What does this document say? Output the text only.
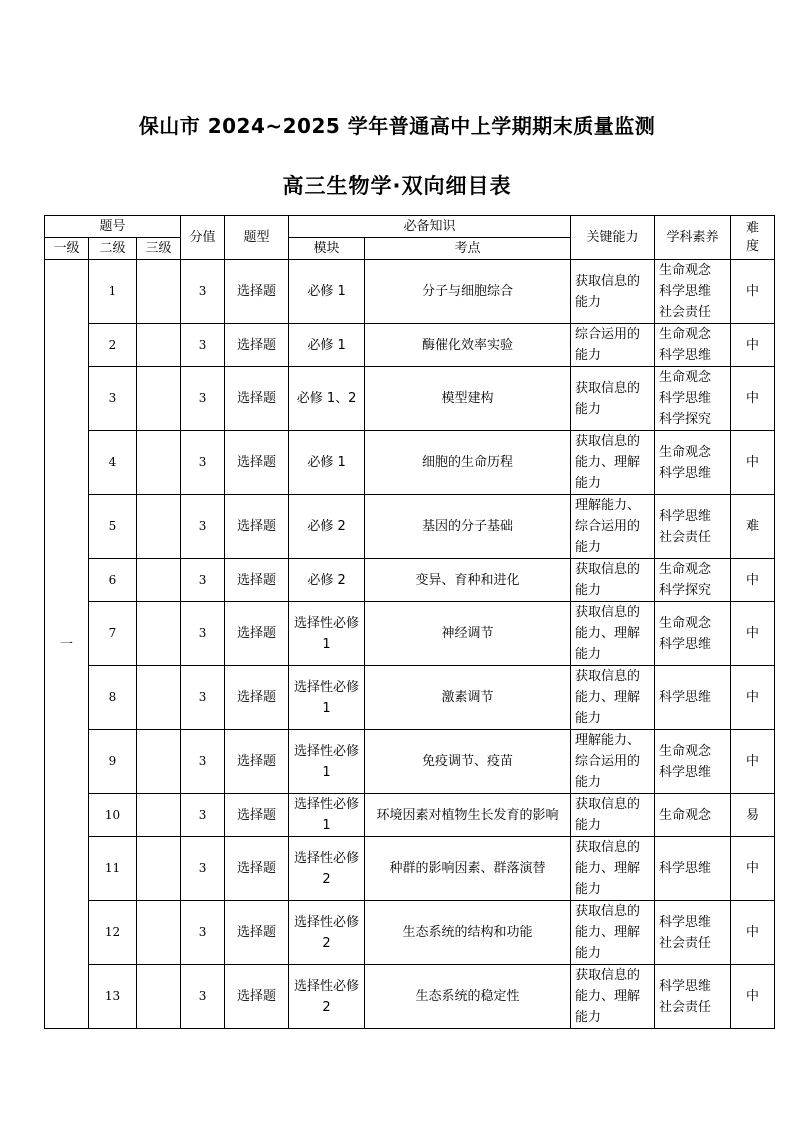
保山市 2024~2025 学年普通高中上学期期末质量监测
高三生物学·双向细目表
题号			分值	题型	必备知识		关键能力	学科素养	难
度

一级	二级	三级			模块	考点			
一	1		3	选择题	必修 1	分子与细胞综合	获取信息的
能力	生命观念
科学思维
社会责任	中
	2		3	选择题	必修 1	酶催化效率实验	综合运用的
能力	生命观念
科学思维	中
	3		3	选择题	必修 1、2	模型建构	获取信息的
能力	生命观念
科学思维
科学探究	中
	4		3	选择题	必修 1	细胞的生命历程	获取信息的
能力、理解
能力	生命观念
科学思维	中
	5		3	选择题	必修 2	基因的分子基础	理解能力、
综合运用的
能力	科学思维
社会责任	难
	6		3	选择题	必修 2	变异、育种和进化	获取信息的
能力	生命观念
科学探究	中
	7		3	选择题	选择性必修 1	神经调节	获取信息的
能力、理解
能力	生命观念
科学思维	中
	8		3	选择题	选择性必修 1	激素调节	获取信息的
能力、理解
能力	科学思维	中
	9		3	选择题	选择性必修 1	免疫调节、疫苗	理解能力、
综合运用的
能力	生命观念
科学思维	中
	10		3	选择题	选择性必修 1	环境因素对植物生长发育的影响	获取信息的
能力	生命观念	易
	11		3	选择题	选择性必修 2	种群的影响因素、群落演替	获取信息的
能力、理解
能力	科学思维	中
	12		3	选择题	选择性必修 2	生态系统的结构和功能	获取信息的
能力、理解
能力	科学思维
社会责任	中
	13		3	选择题	选择性必修 2	生态系统的稳定性	获取信息的
能力、理解
能力	科学思维
社会责任	中
